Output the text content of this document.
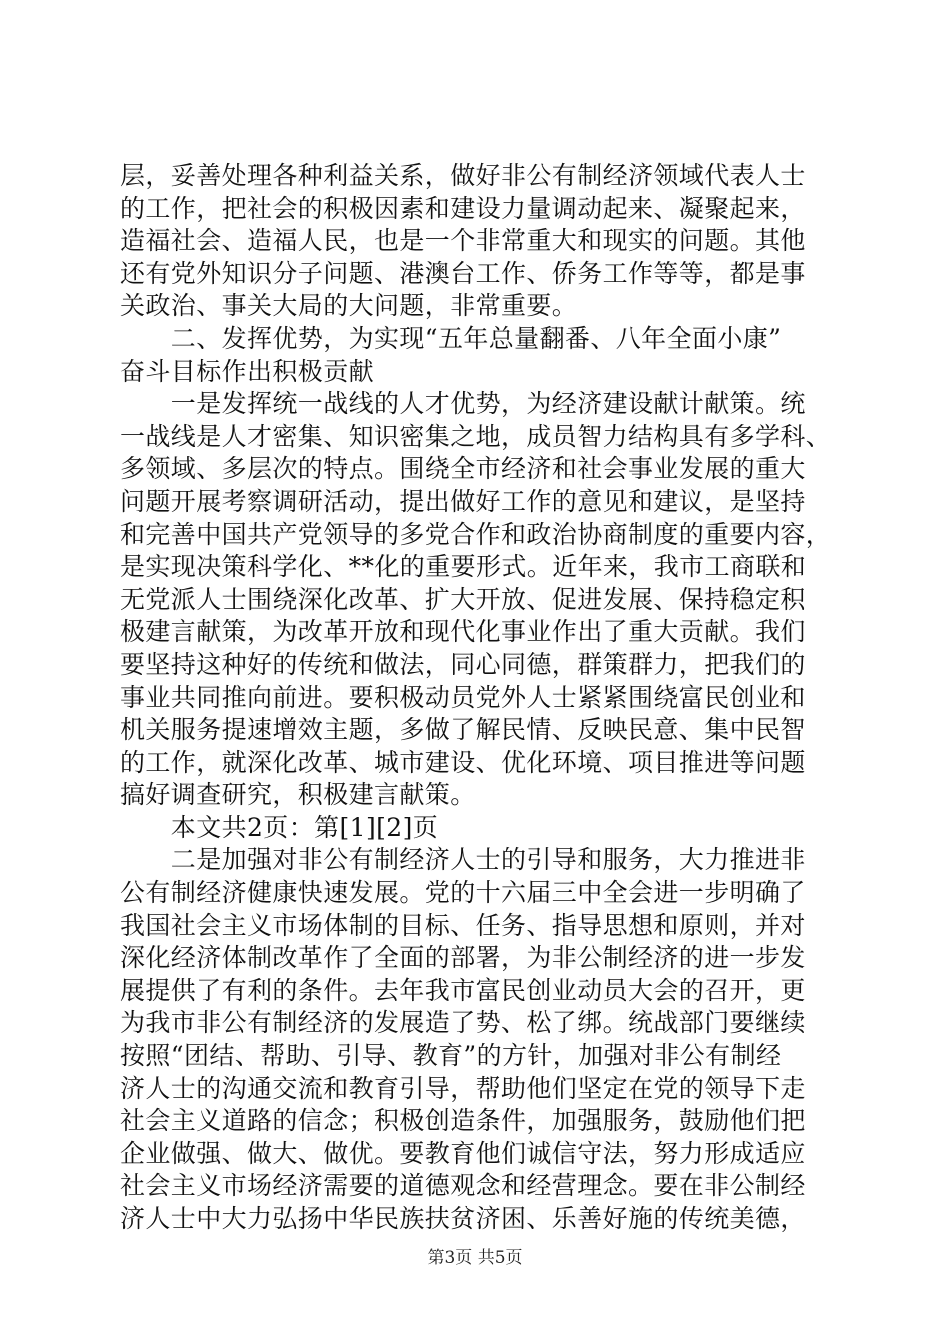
层，妥善处理各种利益关系，做好非公有制经济领域代表人士
的工作，把社会的积极因素和建设力量调动起来、凝聚起来，
造福社会、造福人民，也是一个非常重大和现实的问题。其他
还有党外知识分子问题、港澳台工作、侨务工作等等，都是事
关政治、事关大局的大问题，非常重要。
　　二、发挥优势，为实现“五年总量翻番、八年全面小康”
奋斗目标作出积极贡献
　　一是发挥统一战线的人才优势，为经济建设献计献策。统
一战线是人才密集、知识密集之地，成员智力结构具有多学科、
多领域、多层次的特点。围绕全市经济和社会事业发展的重大
问题开展考察调研活动，提出做好工作的意见和建议，是坚持
和完善中国共产党领导的多党合作和政治协商制度的重要内容，
是实现决策科学化、**化的重要形式。近年来，我市工商联和
无党派人士围绕深化改革、扩大开放、促进发展、保持稳定积
极建言献策，为改革开放和现代化事业作出了重大贡献。我们
要坚持这种好的传统和做法，同心同德，群策群力，把我们的
事业共同推向前进。要积极动员党外人士紧紧围绕富民创业和
机关服务提速增效主题，多做了解民情、反映民意、集中民智
的工作，就深化改革、城市建设、优化环境、项目推进等问题
搞好调查研究，积极建言献策。
　　本文共2页：第[1][2]页
　　二是加强对非公有制经济人士的引导和服务，大力推进非
公有制经济健康快速发展。党的十六届三中全会进一步明确了
我国社会主义市场体制的目标、任务、指导思想和原则，并对
深化经济体制改革作了全面的部署，为非公制经济的进一步发
展提供了有利的条件。去年我市富民创业动员大会的召开，更
为我市非公有制经济的发展造了势、松了绑。统战部门要继续
按照“团结、帮助、引导、教育”的方针，加强对非公有制经
济人士的沟通交流和教育引导，帮助他们坚定在党的领导下走
社会主义道路的信念；积极创造条件，加强服务，鼓励他们把
企业做强、做大、做优。要教育他们诚信守法，努力形成适应
社会主义市场经济需要的道德观念和经营理念。要在非公制经
济人士中大力弘扬中华民族扶贫济困、乐善好施的传统美德，
第3页 共5页
